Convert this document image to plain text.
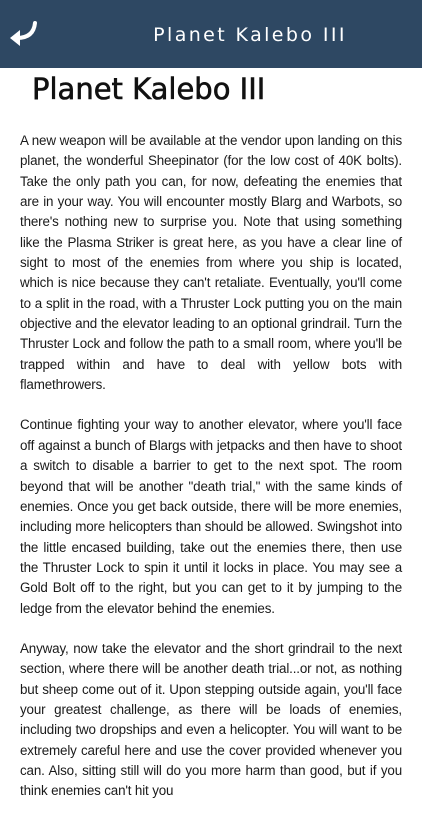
Planet Kalebo III
Planet Kalebo III

A new weapon will be available at the vendor upon landing on this planet, the wonderful Sheepinator (for the low cost of 40K bolts). Take the only path you can, for now, defeating the enemies that are in your way. You will encounter mostly Blarg and Warbots, so there's nothing new to surprise you. Note that using something like the Plasma Striker is great here, as you have a clear line of sight to most of the enemies from where you ship is located, which is nice because they can't retaliate. Eventually, you'll come to a split in the road, with a Thruster Lock putting you on the main objective and the elevator leading to an optional grindrail. Turn the Thruster Lock and follow the path to a small room, where you'll be trapped within and have to deal with yellow bots with flamethrowers.

Continue fighting your way to another elevator, where you'll face off against a bunch of Blargs with jetpacks and then have to shoot a switch to disable a barrier to get to the next spot. The room beyond that will be another "death trial," with the same kinds of enemies. Once you get back outside, there will be more enemies, including more helicopters than should be allowed. Swingshot into the little encased building, take out the enemies there, then use the Thruster Lock to spin it until it locks in place. You may see a Gold Bolt off to the right, but you can get to it by jumping to the ledge from the elevator behind the enemies.

Anyway, now take the elevator and the short grindrail to the next section, where there will be another death trial...or not, as nothing but sheep come out of it. Upon stepping outside again, you'll face your greatest challenge, as there will be loads of enemies, including two dropships and even a helicopter. You will want to be extremely careful here and use the cover provided whenever you can. Also, sitting still will do you more harm than good, but if you think enemies can't hit you
